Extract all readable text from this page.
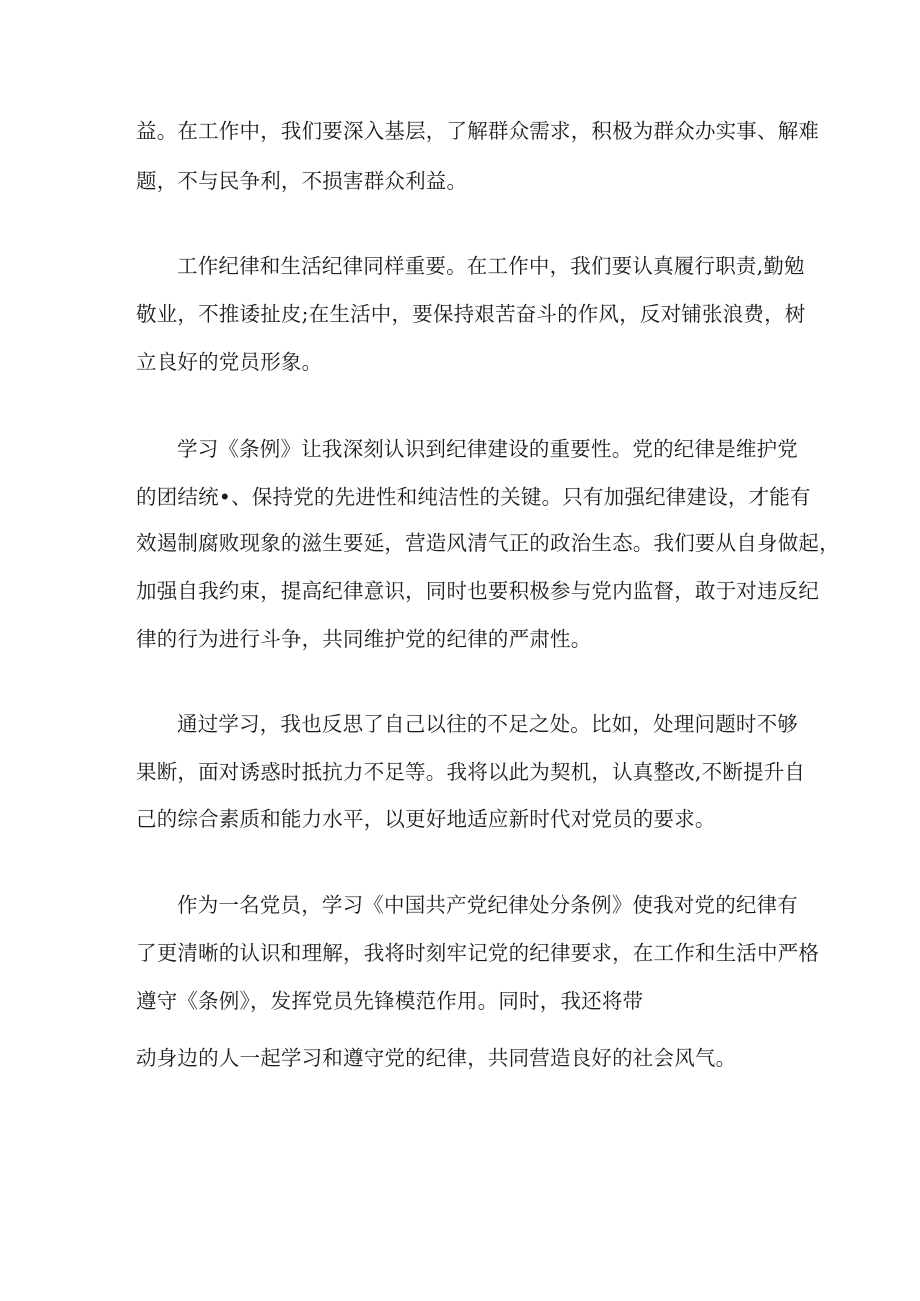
益。在工作中，我们要深入基层，了解群众需求，积极为群众办实事、解难
题，不与民争利，不损害群众利益。
工作纪律和生活纪律同样重要。在工作中，我们要认真履行职责,勤勉
敬业，不推诿扯皮;在生活中，要保持艰苦奋斗的作风，反对铺张浪费，树
立良好的党员形象。
学习《条例》让我深刻认识到纪律建设的重要性。党的纪律是维护党
的团结统•、保持党的先进性和纯洁性的关键。只有加强纪律建设，才能有
效遏制腐败现象的滋生要延，营造风清气正的政治生态。我们要从自身做起，
加强自我约束，提高纪律意识，同时也要积极参与党内监督，敢于对违反纪
律的行为进行斗争，共同维护党的纪律的严肃性。
通过学习，我也反思了自己以往的不足之处。比如，处理问题时不够
果断，面对诱惑时抵抗力不足等。我将以此为契机，认真整改,不断提升自
己的综合素质和能力水平，以更好地适应新时代对党员的要求。
作为一名党员，学习《中国共产党纪律处分条例》使我对党的纪律有
了更清晰的认识和理解，我将时刻牢记党的纪律要求，在工作和生活中严格
遵守《条例》，发挥党员先锋模范作用。同时，我还将带
动身边的人一起学习和遵守党的纪律，共同营造良好的社会风气。
